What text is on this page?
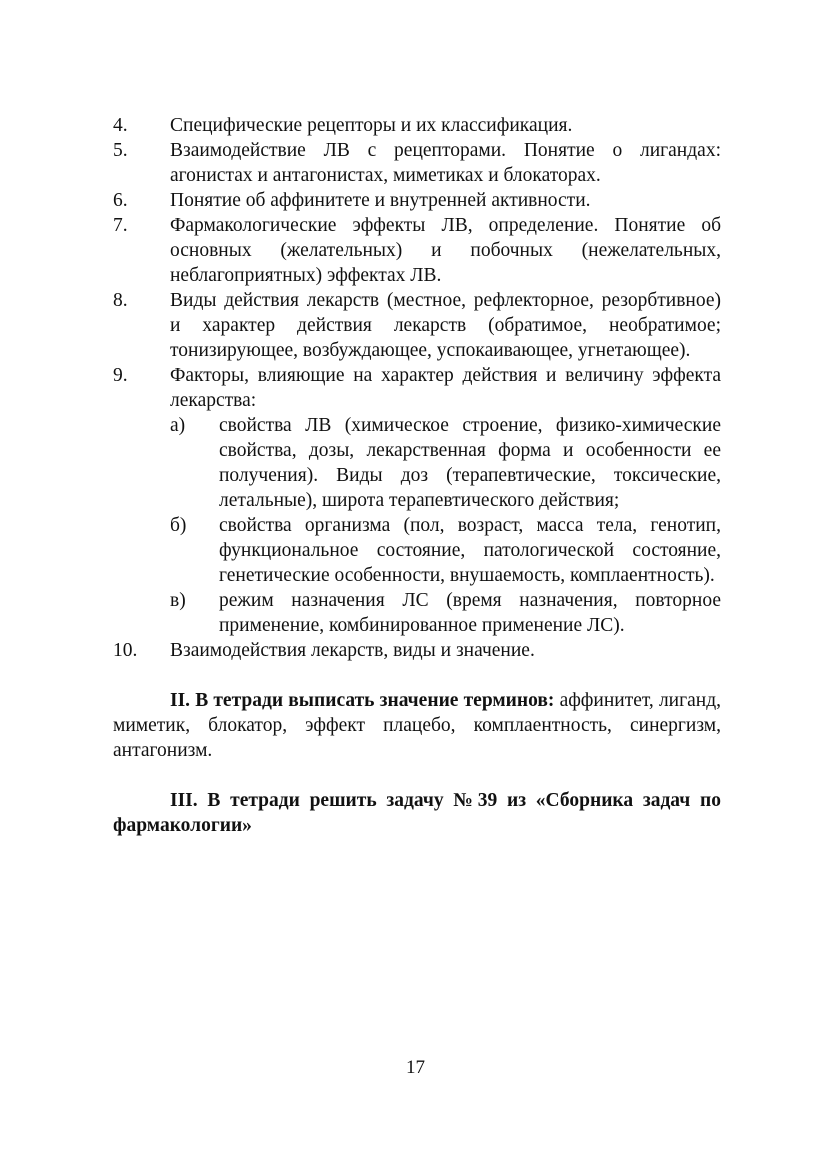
4. Специфические рецепторы и их классификация.
5. Взаимодействие ЛВ с рецепторами. Понятие о лигандах: агонистах и антагонистах, миметиках и блокаторах.
6. Понятие об аффинитете и внутренней активности.
7. Фармакологические эффекты ЛВ, определение. Понятие об основных (желательных) и побочных (нежелательных, неблагоприятных) эффектах ЛВ.
8. Виды действия лекарств (местное, рефлекторное, резорбтивное) и характер действия лекарств (обратимое, необратимое; тонизирующее, возбуждающее, успокаивающее, угнетающее).
9. Факторы, влияющие на характер действия и величину эффекта лекарства:
а) свойства ЛВ (химическое строение, физико-химические свойства, дозы, лекарственная форма и особенности ее получения). Виды доз (терапевтические, токсические, летальные), широта терапевтического действия;
б) свойства организма (пол, возраст, масса тела, генотип, функциональное состояние, патологической состояние, генетические особенности, внушаемость, комплаентность).
в) режим назначения ЛС (время назначения, повторное применение, комбинированное применение ЛС).
10. Взаимодействия лекарств, виды и значение.

II. В тетради выписать значение терминов: аффинитет, лиганд, миметик, блокатор, эффект плацебо, комплаентность, синергизм, антагонизм.

III. В тетради решить задачу №39 из «Сборника задач по фармакологии»

17
